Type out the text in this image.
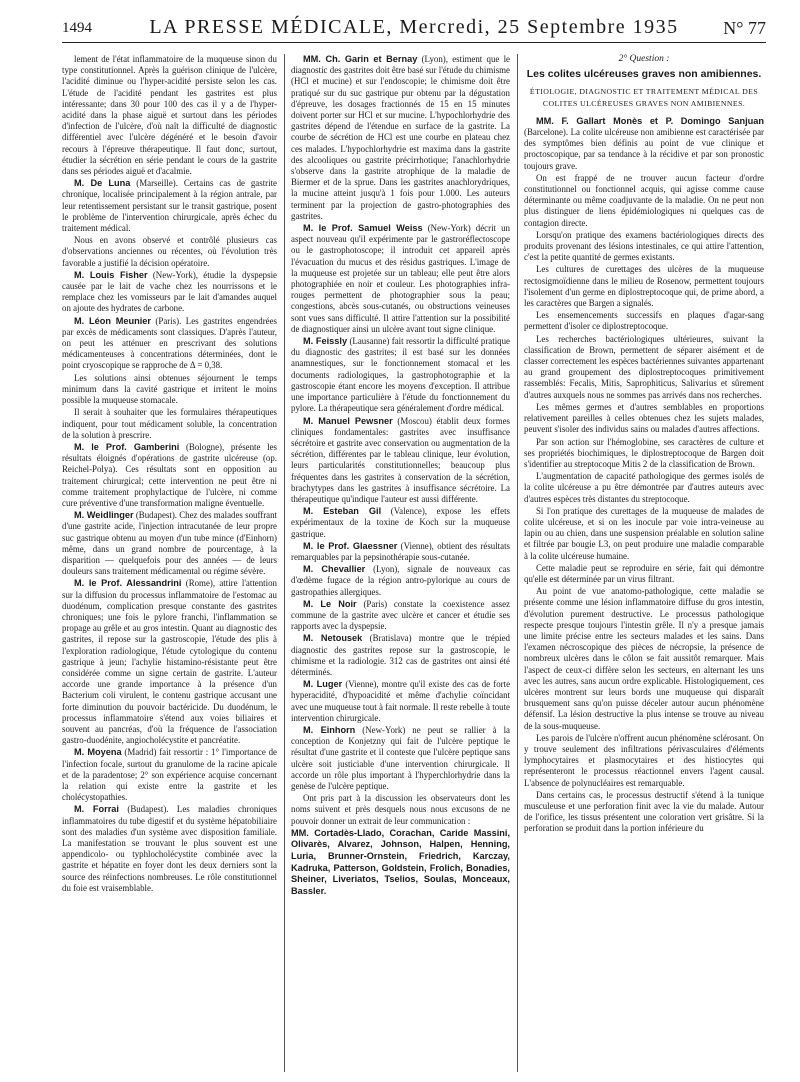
1494	LA PRESSE MÉDICALE, Mercredi, 25 Septembre 1935	N° 77

lement de l'état inflammatoire de la muqueuse sinon du type constitutionnel. Après la guérison clinique de l'ulcère, l'acidité diminue ou l'hyper-acidité persiste selon les cas. L'étude de l'acidité pendant les gastrites est plus intéressante; dans 30 pour 100 des cas il y a de l'hyper-acidité dans la phase aiguë et surtout dans les périodes d'infection de l'ulcère, d'où naît la difficulté de diagnostic différentiel avec l'ulcère dégénéré et le besoin d'avoir recours à l'épreuve thérapeutique. Il faut donc, surtout, étudier la sécrétion en série pendant le cours de la gastrite dans ses périodes aiguë et d'acalmie.

M. De Luna (Marseille). Certains cas de gastrite chronique, localisée principalement à la région antrale, par leur retentissement persistant sur le transit gastrique, posent le problème de l'intervention chirurgicale, après échec du traitement médical.

Nous en avons observé et contrôlé plusieurs cas d'observations anciennes ou récentes, où l'évolution très favorable a justifié la décision opératoire.

M. Louis Fisher (New-York), étudie la dyspepsie causée par le lait de vache chez les nourrissons et le remplace chez les vomisseurs par le lait d'amandes auquel on ajoute des hydrates de carbone.

M. Léon Meunier (Paris). Les gastrites engendrées par excès de médicaments sont classiques. D'après l'auteur, on peut les atténuer en prescrivant des solutions médicamenteuses à concentrations déterminées, dont le point cryoscopique se rapproche de Δ = 0,38.

Les solutions ainsi obtenues séjournent le temps minimum dans la cavité gastrique et irritent le moins possible la muqueuse stomacale.

Il serait à souhaiter que les formulaires thérapeutiques indiquent, pour tout médicament soluble, la concentration de la solution à prescrire.

M. le Prof. Gamberini (Bologne), présente les résultats éloignés d'opérations de gastrite ulcéreuse (op. Reichel-Polya). Ces résultats sont en opposition au traitement chirurgical; cette intervention ne peut être ni comme traitement prophylactique de l'ulcère, ni comme cure préventive d'une transformation maligne éventuelle.

M. Weidlinger (Budapest). Chez des malades souffrant d'une gastrite acide, l'injection intracutanée de leur propre suc gastrique obtenu au moyen d'un tube mince (d'Einhorn) même, dans un grand nombre de pourcentage, à la disparition — quelquefois pour des années — de leurs douleurs sans traitement médicamental ou régime sévère.

M. le Prof. Alessandrini (Rome), attire l'attention sur la diffusion du processus inflammatoire de l'estomac au duodénum, complication presque constante des gastrites chroniques; une fois le pylore franchi, l'inflammation se propage au grêle et au gros intestin. Quant au diagnostic des gastrites, il repose sur la gastroscopie, l'étude des plis à l'exploration radiologique, l'étude cytologique du contenu gastrique à jeun; l'achylie histamino-résistante peut être considérée comme un signe certain de gastrite. L'auteur accorde une grande importance à la présence d'un Bacterium coli virulent, le contenu gastrique accusant une forte diminution du pouvoir bactéricide. Du duodénum, le processus inflammatoire s'étend aux voies biliaires et souvent au pancréas, d'où la fréquence de l'association gastro-duodénite, angiocholécystite et pancréatite.

M. Moyena (Madrid) fait ressortir : 1° l'importance de l'infection focale, surtout du granulome de la racine apicale et de la paradentose; 2° son expérience acquise concernant la relation qui existe entre la gastrite et les cholécystopathies.

M. Forrai (Budapest). Les maladies chroniques inflammatoires du tube digestif et du système hépatobiliaire sont des maladies d'un système avec disposition familiale. La manifestation se trouvant le plus souvent est une appendicolo- ou typhlocholécystite combinée avec la gastrite et hépatite en foyer dont les deux derniers sont la source des réinfections nombreuses. Le rôle constitutionnel du foie est vraisemblable.

MM. Ch. Garin et Bernay (Lyon), estiment que le diagnostic des gastrites doit être basé sur l'étude du chimisme (HCl et mucine) et sur l'endoscopie; le chimisme doit être pratiqué sur du suc gastrique pur obtenu par la dégustation d'épreuve, les dosages fractionnés de 15 en 15 minutes doivent porter sur HCl et sur mucine. L'hypochlorhydrie des gastrites dépend de l'étendue en surface de la gastrite. La courbe de sécrétion de HCl est une courbe en plateau chez ces malades. L'hypochlorhydrie est maxima dans la gastrite des alcooliques ou gastrite précirrhotique; l'anachlorhydrie s'observe dans la gastrite atrophique de la maladie de Biermer et de la sprue. Dans les gastrites anachlorydriques, la mucine atteint jusqu'à 1 fois pour 1.000. Les auteurs terminent par la projection de gastro-photographies des gastrites.

M. le Prof. Samuel Weiss (New-York) décrit un aspect nouveau qu'il expérimente par le gastroréflectoscope ou le gastrophotoscope; il introduit cet appareil après l'évacuation du mucus et des résidus gastriques. L'image de la muqueuse est projetée sur un tableau; elle peut être alors photographiée en noir et couleur. Les photographies infra-rouges permettent de photographier sous la peau; congestions, abcès sous-cutanés, ou obstructions veineuses sont vues sans difficulté. Il attire l'attention sur la possibilité de diagnostiquer ainsi un ulcère avant tout signe clinique.

M. Feissly (Lausanne) fait ressortir la difficulté pratique du diagnostic des gastrites; il est basé sur les données anamnestiques, sur le fonctionnement stomacal et les documents radiologiques, la gastrophotographie et la gastroscopie étant encore les moyens d'exception. Il attribue une importance particulière à l'étude du fonctionnement du pylore. La thérapeutique sera généralement d'ordre médical.

M. Manuel Pewsner (Moscou) établit deux formes cliniques fondamentales: gastrites avec insuffisance sécrétoire et gastrite avec conservation ou augmentation de la sécrétion, différentes par le tableau clinique, leur évolution, leurs particularités constitutionnelles; beaucoup plus fréquentes dans les gastrites à conservation de la sécrétion, brachytypes dans les gastrites à insuffisance sécrétoire. La thérapeutique qu'indique l'auteur est aussi différente.

M. Esteban Gil (Valence), expose les effets expérimentaux de la toxine de Koch sur la muqueuse gastrique.

M. le Prof. Glaessner (Vienne), obtient des résultats remarquables par la pepsinothérapie sous-cutanée.

M. Chevallier (Lyon), signale de nouveaux cas d'œdème fugace de la région antro-pylorique au cours de gastropathies allergiques.

M. Le Noir (Paris) constate la coexistence assez commune de la gastrite avec ulcère et cancer et étudie ses rapports avec la dyspepsie.

M. Netousek (Bratislava) montre que le trépied diagnostic des gastrites repose sur la gastroscopie, le chimisme et la radiologie. 312 cas de gastrites ont ainsi été déterminés.

M. Luger (Vienne), montre qu'il existe des cas de forte hyperacidité, d'hypoacidité et même d'achylie coïncidant avec une muqueuse tout à fait normale. Il reste rebelle à toute intervention chirurgicale.

M. Einhorn (New-York) ne peut se rallier à la conception de Konjetzny qui fait de l'ulcère peptique le résultat d'une gastrite et il conteste que l'ulcère peptique sans ulcère soit justiciable d'une intervention chirurgicale. Il accorde un rôle plus important à l'hyperchlorhydrie dans la genèse de l'ulcère peptique.

Ont pris part à la discussion les observateurs dont les noms suivent et près desquels nous nous excusons de ne pouvoir donner un extrait de leur communication :

MM. Cortadès-Llado, Corachan, Caride Massini, Olivarès, Alvarez, Johnson, Halpen, Henning, Luria, Brunner-Ornstein, Friedrich, Karczay, Kadruka, Patterson, Goldstein, Frolich, Bonadies, Sheiner, Liveriatos, Tselios, Soulas, Monceaux, Bassler.

2° Question :

Les colites ulcéreuses graves non amibiennes.

ÉTIOLOGIE, DIAGNOSTIC ET TRAITEMENT MÉDICAL DES COLITES ULCÉREUSES GRAVES NON AMIBIENNES.

MM. F. Gallart Monès et P. Domingo Sanjuan (Barcelone). La colite ulcéreuse non amibienne est caractérisée par des symptômes bien définis au point de vue clinique et proctoscopique, par sa tendance à la récidive et par son pronostic toujours grave.

On est frappé de ne trouver aucun facteur d'ordre constitutionnel ou fonctionnel acquis, qui agisse comme cause déterminante ou même coadjuvante de la maladie. On ne peut non plus distinguer de liens épidémiologiques ni quelques cas de contagion directe.

Lorsqu'on pratique des examens bactériologiques directs des produits provenant des lésions intestinales, ce qui attire l'attention, c'est la petite quantité de germes existants.

Les cultures de curettages des ulcères de la muqueuse rectosigmoïdienne dans le milieu de Rosenow, permettent toujours l'isolement d'un germe en diplostreptocoque qui, de prime abord, a les caractères que Bargen a signalés.

Les ensemencements successifs en plaques d'agar-sang permettent d'isoler ce diplostreptocoque.

Les recherches bactériologiques ultérieures, suivant la classification de Brown, permettent de séparer aisément et de classer correctement les espèces bactériennes suivantes appartenant au grand groupement des diplostreptocoques primitivement rassemblés: Fecalis, Mitis, Saprophiticus, Salivarius et sûrement d'autres auxquels nous ne sommes pas arrivés dans nos recherches.

Les mêmes germes et d'autres semblables en proportions relativement pareilles à celles obtenues chez les sujets malades, peuvent s'isoler des individus sains ou malades d'autres affections.

Par son action sur l'hémoglobine, ses caractères de culture et ses propriétés biochimiques, le diplostreptocoque de Bargen doit s'identifier au streptocoque Mitis 2 de la classification de Brown.

L'augmentation de capacité pathologique des germes isolés de la colite ulcéreuse a pu être démontrée par d'autres auteurs avec d'autres espèces très distantes du streptocoque.

Si l'on pratique des curettages de la muqueuse de malades de colite ulcéreuse, et si on les inocule par voie intra-veineuse au lapin ou au chien, dans une suspension préalable en solution saline et filtrée par bougie L3, on peut produire une maladie comparable à la colite ulcéreuse humaine.

Cette maladie peut se reproduire en série, fait qui démontre qu'elle est déterminée par un virus filtrant.

Au point de vue anatomo-pathologique, cette maladie se présente comme une lésion inflammatoire diffuse du gros intestin, d'évolution purement destructive. Le processus pathologique respecte presque toujours l'intestin grêle. Il n'y a presque jamais une limite précise entre les secteurs malades et les sains. Dans l'examen nécroscopique des pièces de nécropsie, la présence de nombreux ulcères dans le côlon se fait aussitôt remarquer. Mais l'aspect de ceux-ci diffère selon les secteurs, en alternant les uns avec les autres, sans aucun ordre explicable. Histologiquement, ces ulcères montrent sur leurs bords une muqueuse qui disparaît brusquement sans qu'on puisse déceler autour aucun phénomène défensif. La lésion destructive la plus intense se trouve au niveau de la sous-muqueuse.

Les parois de l'ulcère n'offrent aucun phénomène sclérosant. On y trouve seulement des infiltrations périvasculaires d'éléments lymphocytaires et plasmocytaires et des histiocytes qui représenteront le processus réactionnel envers l'agent causal. L'absence de polynucléaires est remarquable.

Dans certains cas, le processus destructif s'étend à la tunique musculeuse et une perforation finit avec la vie du malade. Autour de l'orifice, les tissus présentent une coloration vert grisâtre. Si la perforation se produit dans la portion inférieure du
